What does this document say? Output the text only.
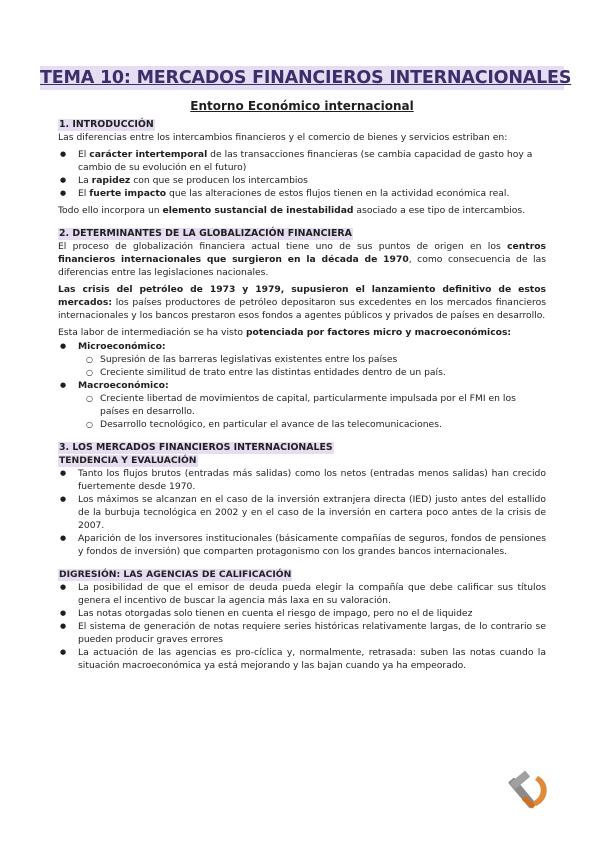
TEMA 10: MERCADOS FINANCIEROS INTERNACIONALES
Entorno Económico internacional
1. INTRODUCCIÓN

Las diferencias entre los intercambios financieros y el comercio de bienes y servicios estriban en:

● El carácter intertemporal de las transacciones financieras (se cambia capacidad de gasto hoy a cambio de su evolución en el futuro)
● La rapidez con que se producen los intercambios
● El fuerte impacto que las alteraciones de estos flujos tienen en la actividad económica real.

Todo ello incorpora un elemento sustancial de inestabilidad asociado a ese tipo de intercambios.

2. DETERMINANTES DE LA GLOBALIZACIÓN FINANCIERA

El proceso de globalización financiera actual tiene uno de sus puntos de origen en los centros financieros internacionales que surgieron en la década de 1970, como consecuencia de las diferencias entre las legislaciones nacionales.

Las crisis del petróleo de 1973 y 1979, supusieron el lanzamiento definitivo de estos mercados: los países productores de petróleo depositaron sus excedentes en los mercados financieros internacionales y los bancos prestaron esos fondos a agentes públicos y privados de países en desarrollo.

Esta labor de intermediación se ha visto potenciada por factores micro y macroeconómicos:

● Microeconómico:
○ Supresión de las barreras legislativas existentes entre los países
○ Creciente similitud de trato entre las distintas entidades dentro de un país.
● Macroeconómico:
○ Creciente libertad de movimientos de capital, particularmente impulsada por el FMI en los países en desarrollo.
○ Desarrollo tecnológico, en particular el avance de las telecomunicaciones.
3. LOS MERCADOS FINANCIEROS INTERNACIONALES
TENDENCIA Y EVALUACIÓN
● Tanto los flujos brutos (entradas más salidas) como los netos (entradas menos salidas) han crecido fuertemente desde 1970.
● Los máximos se alcanzan en el caso de la inversión extranjera directa (IED) justo antes del estallido de la burbuja tecnológica en 2002 y en el caso de la inversión en cartera poco antes de la crisis de 2007.
● Aparición de los inversores institucionales (básicamente compañías de seguros, fondos de pensiones y fondos de inversión) que comparten protagonismo con los grandes bancos internacionales.
DIGRESIÓN: LAS AGENCIAS DE CALIFICACIÓN
● La posibilidad de que el emisor de deuda pueda elegir la compañía que debe calificar sus títulos genera el incentivo de buscar la agencia más laxa en su valoración.
● Las notas otorgadas solo tienen en cuenta el riesgo de impago, pero no el de liquidez
● El sistema de generación de notas requiere series históricas relativamente largas, de lo contrario se pueden producir graves errores
● La actuación de las agencias es pro-cíclica y, normalmente, retrasada: suben las notas cuando la situación macroeconómica ya está mejorando y las bajan cuando ya ha empeorado.
